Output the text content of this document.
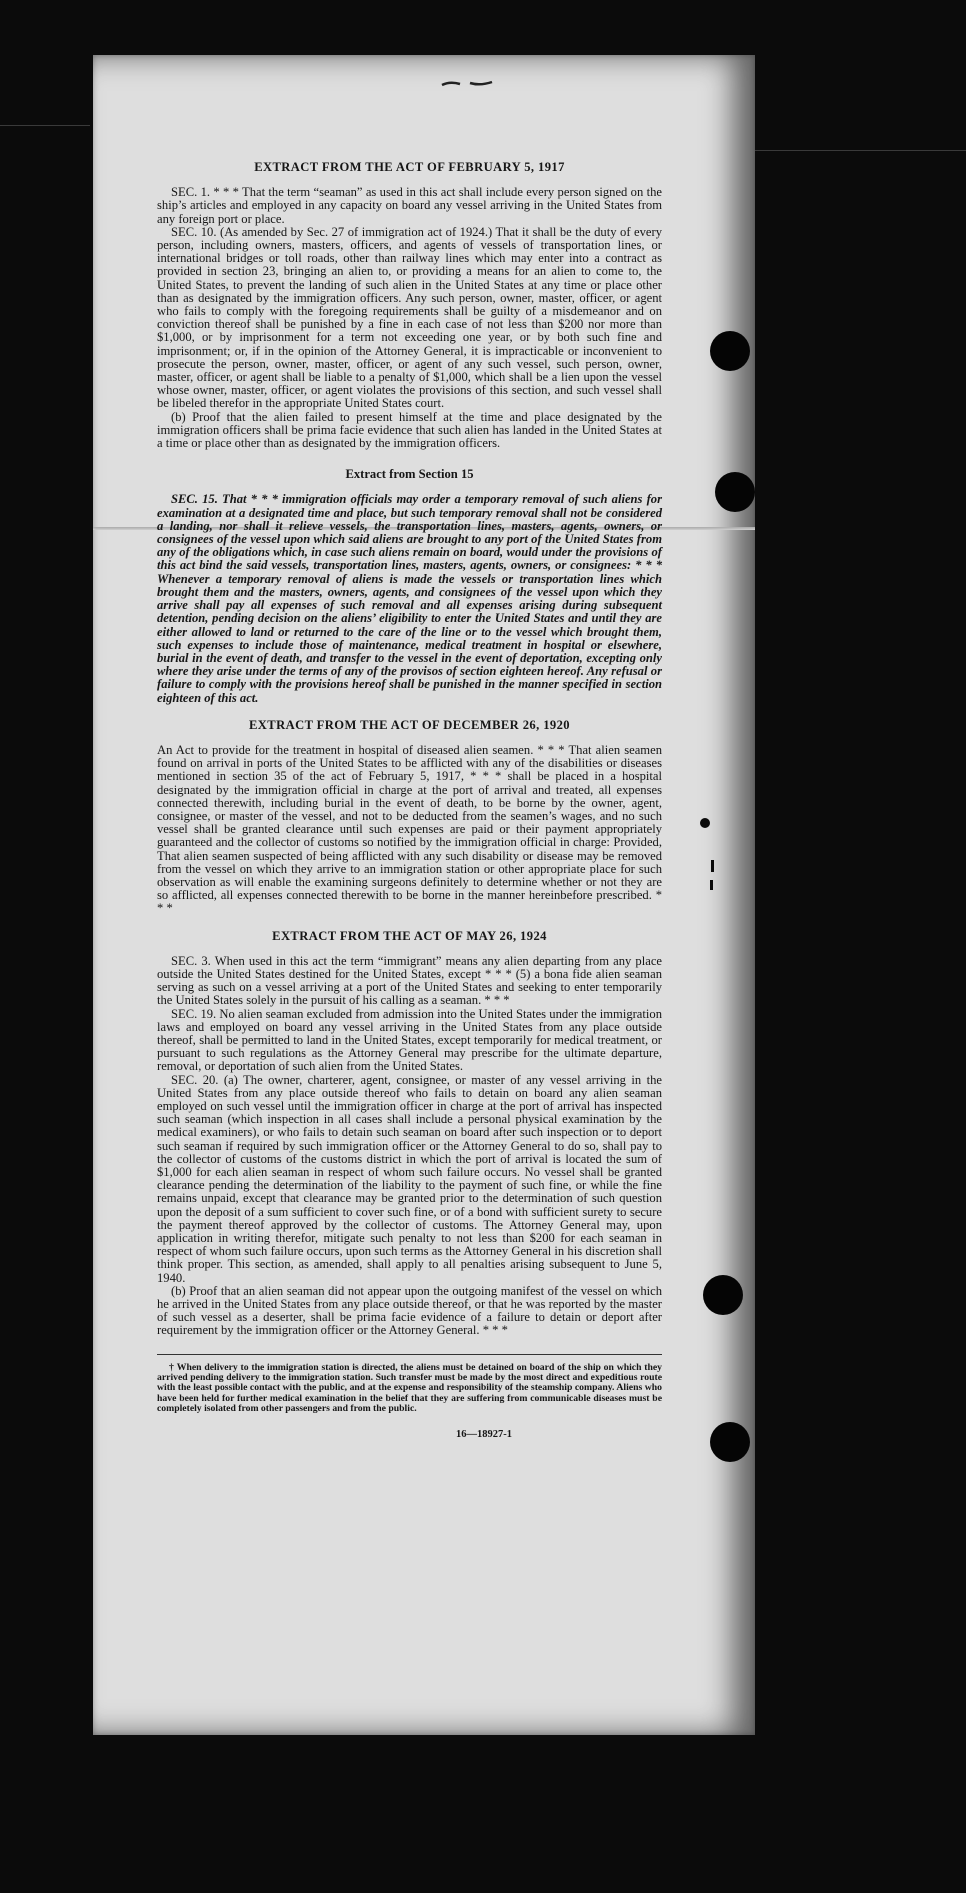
EXTRACT FROM THE ACT OF FEBRUARY 5, 1917

SEC. 1. * * * That the term “seaman” as used in this act shall include every person signed on the ship’s articles and employed in any capacity on board any vessel arriving in the United States from any foreign port or place.

SEC. 10. (As amended by Sec. 27 of immigration act of 1924.) That it shall be the duty of every person, including owners, masters, officers, and agents of vessels of transportation lines, or international bridges or toll roads, other than railway lines which may enter into a contract as provided in section 23, bringing an alien to, or providing a means for an alien to come to, the United States, to prevent the landing of such alien in the United States at any time or place other than as designated by the immigration officers. Any such person, owner, master, officer, or agent who fails to comply with the foregoing requirements shall be guilty of a misdemeanor and on conviction thereof shall be punished by a fine in each case of not less than $200 nor more than $1,000, or by imprisonment for a term not exceeding one year, or by both such fine and imprisonment; or, if in the opinion of the Attorney General, it is impracticable or inconvenient to prosecute the person, owner, master, officer, or agent of any such vessel, such person, owner, master, officer, or agent shall be liable to a penalty of $1,000, which shall be a lien upon the vessel whose owner, master, officer, or agent violates the provisions of this section, and such vessel shall be libeled therefor in the appropriate United States court.

(b) Proof that the alien failed to present himself at the time and place designated by the immigration officers shall be prima facie evidence that such alien has landed in the United States at a time or place other than as designated by the immigration officers.

Extract from Section 15

SEC. 15. That * * * immigration officials may order a temporary removal of such aliens for examination at a designated time and place, but such temporary removal shall not be considered a landing, nor shall it relieve vessels, the transportation lines, masters, agents, owners, or consignees of the vessel upon which said aliens are brought to any port of the United States from any of the obligations which, in case such aliens remain on board, would under the provisions of this act bind the said vessels, transportation lines, masters, agents, owners, or consignees: * * * Whenever a temporary removal of aliens is made the vessels or transportation lines which brought them and the masters, owners, agents, and consignees of the vessel upon which they arrive shall pay all expenses of such removal and all expenses arising during subsequent detention, pending decision on the aliens’ eligibility to enter the United States and until they are either allowed to land or returned to the care of the line or to the vessel which brought them, such expenses to include those of maintenance, medical treatment in hospital or elsewhere, burial in the event of death, and transfer to the vessel in the event of deportation, excepting only where they arise under the terms of any of the provisos of section eighteen hereof. Any refusal or failure to comply with the provisions hereof shall be punished in the manner specified in section eighteen of this act.

EXTRACT FROM THE ACT OF DECEMBER 26, 1920

An Act to provide for the treatment in hospital of diseased alien seamen. * * * That alien seamen found on arrival in ports of the United States to be afflicted with any of the disabilities or diseases mentioned in section 35 of the act of February 5, 1917, * * * shall be placed in a hospital designated by the immigration official in charge at the port of arrival and treated, all expenses connected therewith, including burial in the event of death, to be borne by the owner, agent, consignee, or master of the vessel, and not to be deducted from the seamen’s wages, and no such vessel shall be granted clearance until such expenses are paid or their payment appropriately guaranteed and the collector of customs so notified by the immigration official in charge: Provided, That alien seamen suspected of being afflicted with any such disability or disease may be removed from the vessel on which they arrive to an immigration station or other appropriate place for such observation as will enable the examining surgeons definitely to determine whether or not they are so afflicted, all expenses connected therewith to be borne in the manner hereinbefore prescribed. * * *

EXTRACT FROM THE ACT OF MAY 26, 1924

SEC. 3. When used in this act the term “immigrant” means any alien departing from any place outside the United States destined for the United States, except * * * (5) a bona fide alien seaman serving as such on a vessel arriving at a port of the United States and seeking to enter temporarily the United States solely in the pursuit of his calling as a seaman. * * *

SEC. 19. No alien seaman excluded from admission into the United States under the immigration laws and employed on board any vessel arriving in the United States from any place outside thereof, shall be permitted to land in the United States, except temporarily for medical treatment, or pursuant to such regulations as the Attorney General may prescribe for the ultimate departure, removal, or deportation of such alien from the United States.

SEC. 20. (a) The owner, charterer, agent, consignee, or master of any vessel arriving in the United States from any place outside thereof who fails to detain on board any alien seaman employed on such vessel until the immigration officer in charge at the port of arrival has inspected such seaman (which inspection in all cases shall include a personal physical examination by the medical examiners), or who fails to detain such seaman on board after such inspection or to deport such seaman if required by such immigration officer or the Attorney General to do so, shall pay to the collector of customs of the customs district in which the port of arrival is located the sum of $1,000 for each alien seaman in respect of whom such failure occurs. No vessel shall be granted clearance pending the determination of the liability to the payment of such fine, or while the fine remains unpaid, except that clearance may be granted prior to the determination of such question upon the deposit of a sum sufficient to cover such fine, or of a bond with sufficient surety to secure the payment thereof approved by the collector of customs. The Attorney General may, upon application in writing therefor, mitigate such penalty to not less than $200 for each seaman in respect of whom such failure occurs, upon such terms as the Attorney General in his discretion shall think proper. This section, as amended, shall apply to all penalties arising subsequent to June 5, 1940.

(b) Proof that an alien seaman did not appear upon the outgoing manifest of the vessel on which he arrived in the United States from any place outside thereof, or that he was reported by the master of such vessel as a deserter, shall be prima facie evidence of a failure to detain or deport after requirement by the immigration officer or the Attorney General. * * *

† When delivery to the immigration station is directed, the aliens must be detained on board of the ship on which they arrived pending delivery to the immigration station. Such transfer must be made by the most direct and expeditious route with the least possible contact with the public, and at the expense and responsibility of the steamship company. Aliens who have been held for further medical examination in the belief that they are suffering from communicable diseases must be completely isolated from other passengers and from the public.

16—18927-1
